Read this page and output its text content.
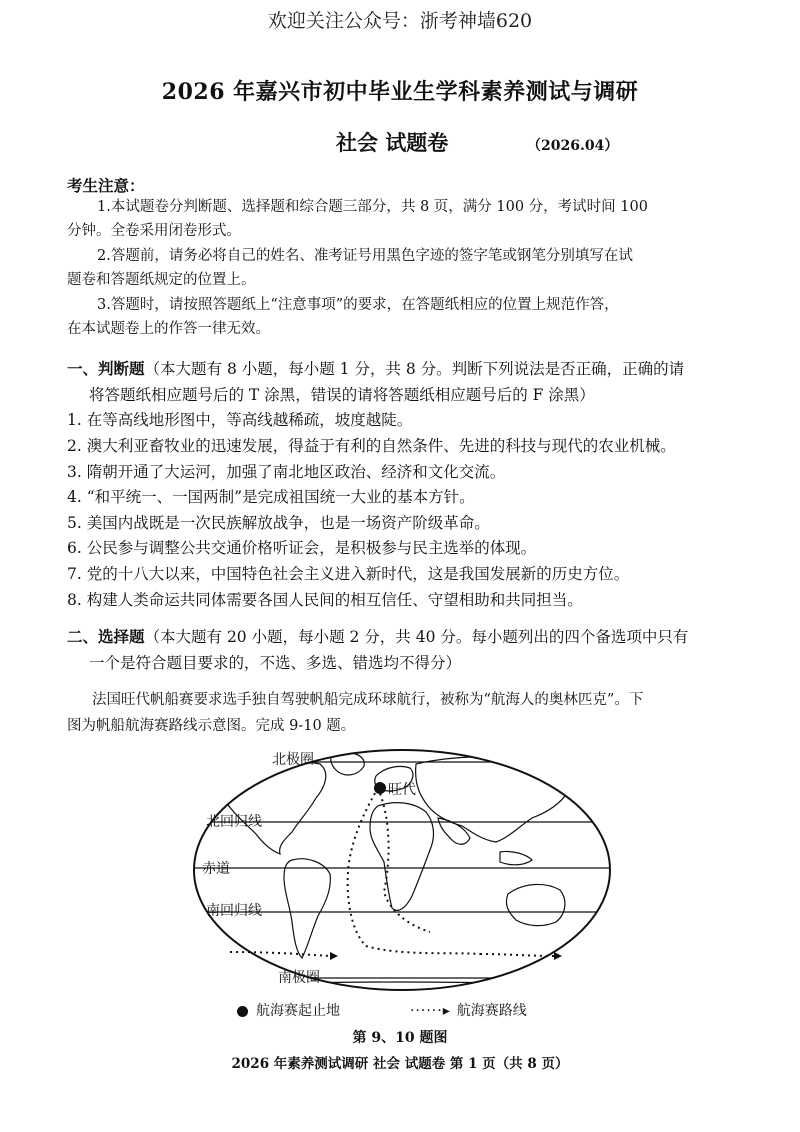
欢迎关注公众号：浙考神墙620
2026 年嘉兴市初中毕业生学科素养测试与调研
社会 试题卷	（2026.04）
考生注意：
1.本试题卷分判断题、选择题和综合题三部分，共 8 页，满分 100 分，考试时间 100
分钟。全卷采用闭卷形式。
2.答题前，请务必将自己的姓名、准考证号用黑色字迹的签字笔或钢笔分别填写在试
题卷和答题纸规定的位置上。
3.答题时，请按照答题纸上“注意事项”的要求，在答题纸相应的位置上规范作答，
在本试题卷上的作答一律无效。
一、判断题（本大题有 8 小题，每小题 1 分，共 8 分。判断下列说法是否正确，正确的请
将答题纸相应题号后的 T 涂黑，错误的请将答题纸相应题号后的 F 涂黑）
1. 在等高线地形图中，等高线越稀疏，坡度越陡。
2. 澳大利亚畜牧业的迅速发展，得益于有利的自然条件、先进的科技与现代的农业机械。
3. 隋朝开通了大运河，加强了南北地区政治、经济和文化交流。
4. “和平统一、一国两制”是完成祖国统一大业的基本方针。
5. 美国内战既是一次民族解放战争，也是一场资产阶级革命。
6. 公民参与调整公共交通价格听证会，是积极参与民主选举的体现。
7. 党的十八大以来，中国特色社会主义进入新时代，这是我国发展新的历史方位。
8. 构建人类命运共同体需要各国人民间的相互信任、守望相助和共同担当。
二、选择题（本大题有 20 小题，每小题 2 分，共 40 分。每小题列出的四个备选项中只有
一个是符合题目要求的，不选、多选、错选均不得分）
法国旺代帆船赛要求选手独自驾驶帆船完成环球航行，被称为“航海人的奥林匹克”。下
图为帆船航海赛路线示意图。完成 9-10 题。
北极圈
旺代
北回归线
赤道
南回归线
南极圈
航海赛起止地	······▸ 航海赛路线
第 9、10 题图
2026 年素养测试调研 社会 试题卷 第 1 页（共 8 页）
